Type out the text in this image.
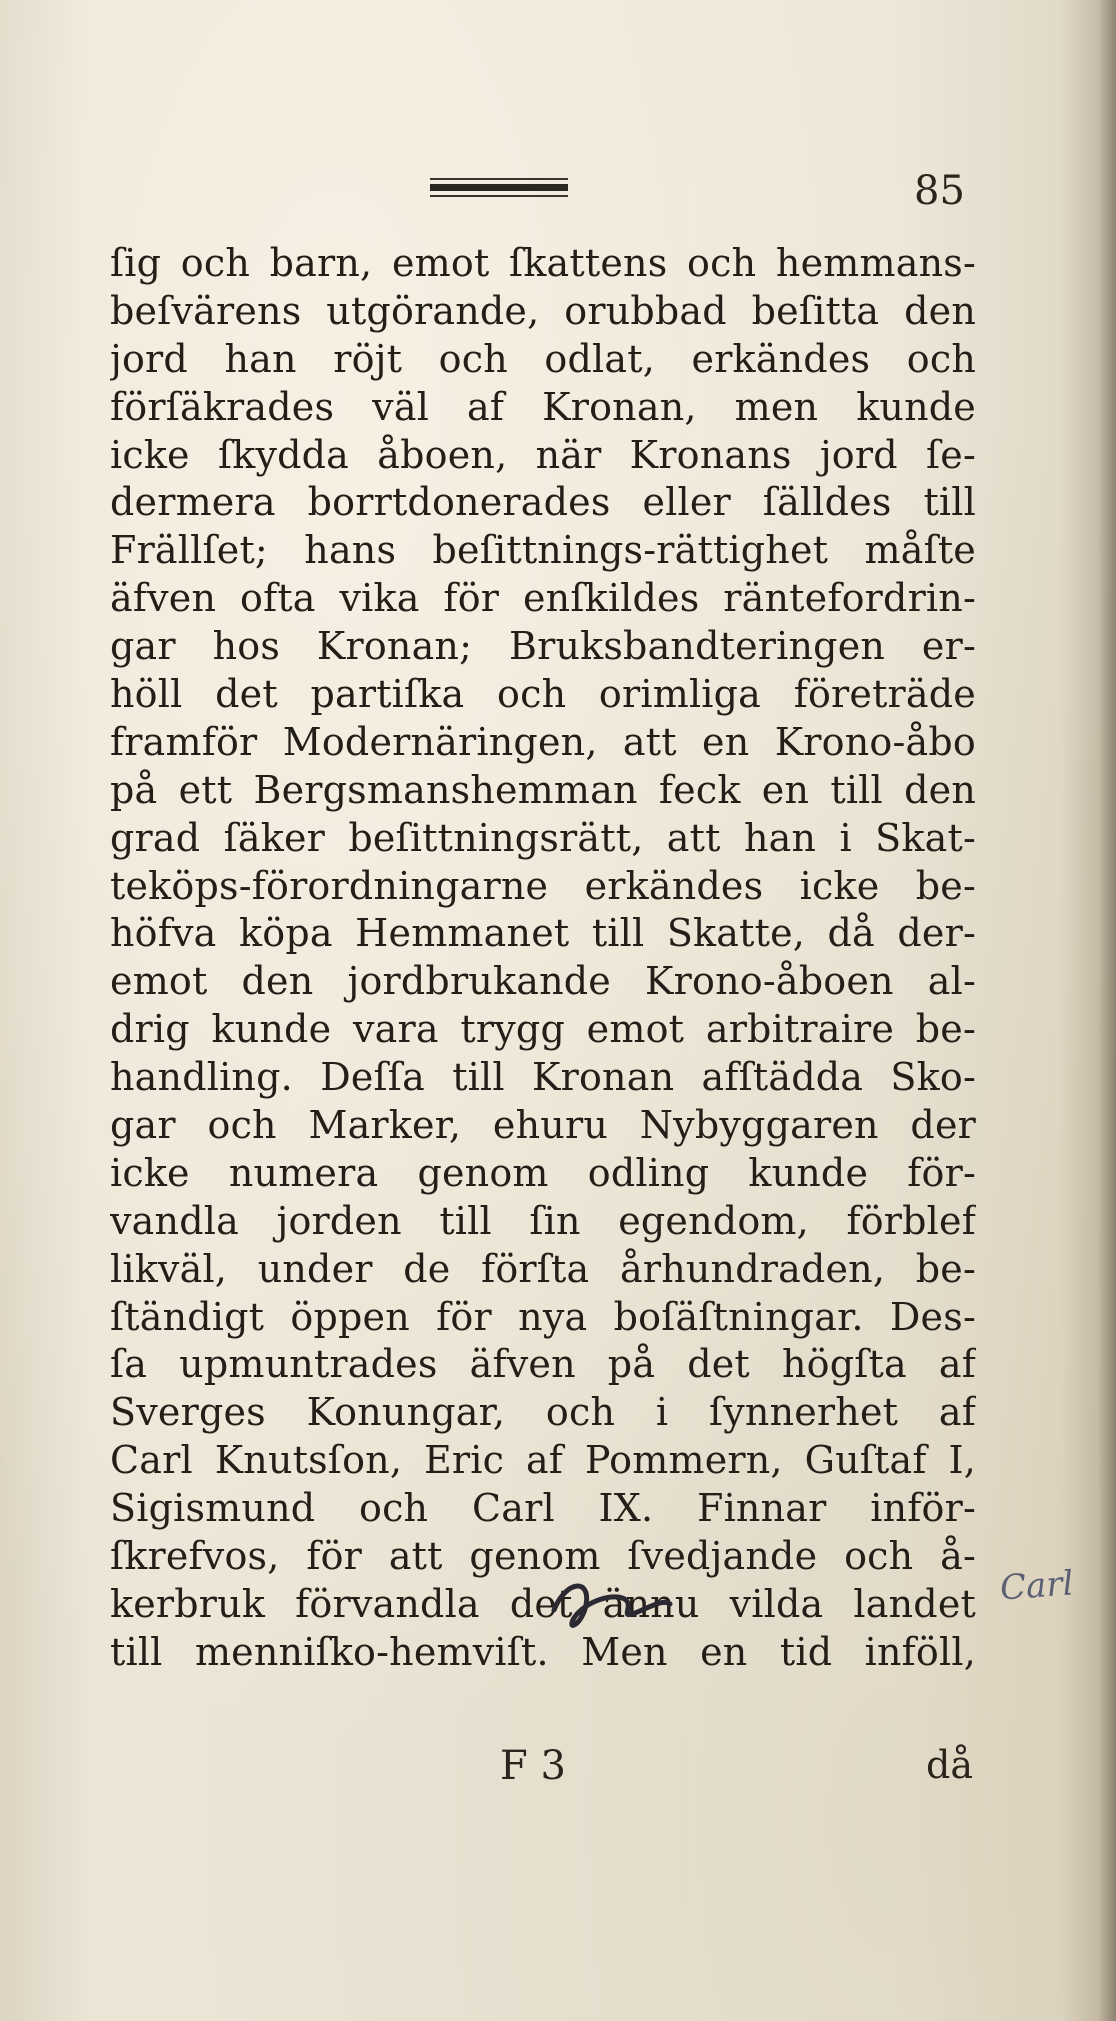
85
ſig och barn, emot ſkattens och hemmans-
beſvärens utgörande, orubbad beſitta den
jord han röjt och odlat, erkändes och
förſäkrades väl af Kronan, men kunde
icke ſkydda åboen, när Kronans jord ſe-
dermera borrtdonerades eller ſälldes till
Frällſet; hans beſittnings-rättighet måſte
äfven ofta vika för enſkildes räntefordrin-
gar hos Kronan; Bruksbandteringen er-
höll det partiſka och orimliga företräde
framför Modernäringen, att en Krono-åbo
på ett Bergsmanshemman feck en till den
grad ſäker beſittningsrätt, att han i Skat-
teköps-förordningarne erkändes icke be-
höfva köpa Hemmanet till Skatte, då der-
emot den jordbrukande Krono-åboen al-
drig kunde vara trygg emot arbitraire be-
handling. Deſſa till Kronan afſtädda Sko-
gar och Marker, ehuru Nybyggaren der
icke numera genom odling kunde för-
vandla jorden till ſin egendom, förblef
likväl, under de förſta århundraden, be-
ſtändigt öppen för nya boſäſtningar. Des-
ſa upmuntrades äfven på det högſta af
Sverges Konungar, och i ſynnerhet af
Carl Knutsſon, Eric af Pommern, Guſtaf I,
Sigismund och Carl IX. Finnar inför-
ſkrefvos, för att genom ſvedjande och å-
kerbruk förvandla det ännu vilda landet
till menniſko-hemviſt. Men en tid inföll,
Carl
F 3	då
